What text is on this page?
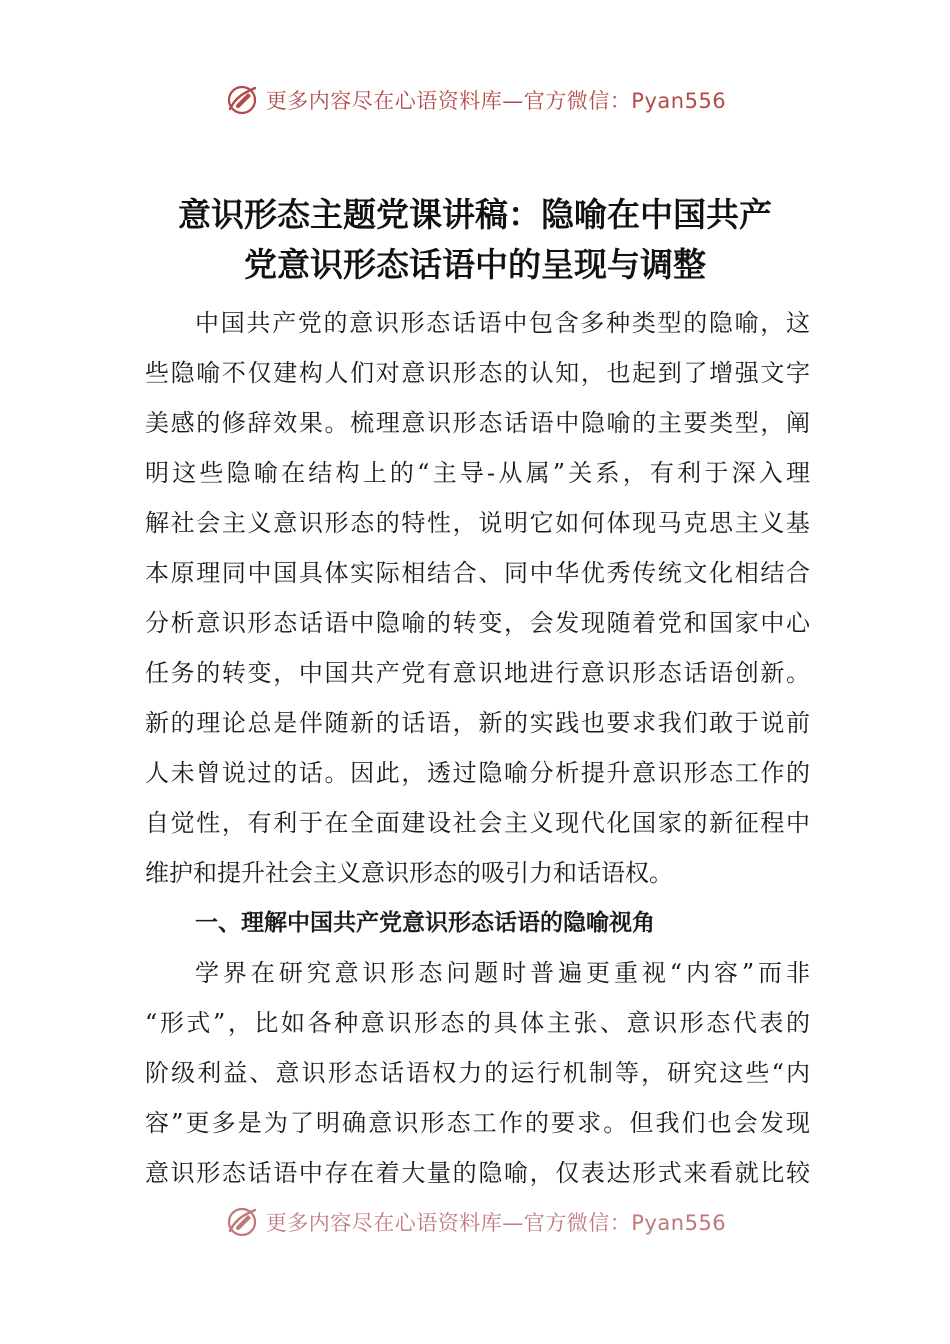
更多内容尽在心语资料库—官方微信：Pyan556
意识形态主题党课讲稿：隐喻在中国共产
党意识形态话语中的呈现与调整
中国共产党的意识形态话语中包含多种类型的隐喻，这
些隐喻不仅建构人们对意识形态的认知，也起到了增强文字
美感的修辞效果。梳理意识形态话语中隐喻的主要类型，阐
明这些隐喻在结构上的“主导-从属”关系，有利于深入理
解社会主义意识形态的特性，说明它如何体现马克思主义基
本原理同中国具体实际相结合、同中华优秀传统文化相结合
分析意识形态话语中隐喻的转变，会发现随着党和国家中心
任务的转变，中国共产党有意识地进行意识形态话语创新。
新的理论总是伴随新的话语，新的实践也要求我们敢于说前
人未曾说过的话。因此，透过隐喻分析提升意识形态工作的
自觉性，有利于在全面建设社会主义现代化国家的新征程中
维护和提升社会主义意识形态的吸引力和话语权。
一、理解中国共产党意识形态话语的隐喻视角
学界在研究意识形态问题时普遍更重视“内容”而非
“形式”，比如各种意识形态的具体主张、意识形态代表的
阶级利益、意识形态话语权力的运行机制等，研究这些“内
容”更多是为了明确意识形态工作的要求。但我们也会发现
意识形态话语中存在着大量的隐喻，仅表达形式来看就比较
更多内容尽在心语资料库—官方微信：Pyan556
